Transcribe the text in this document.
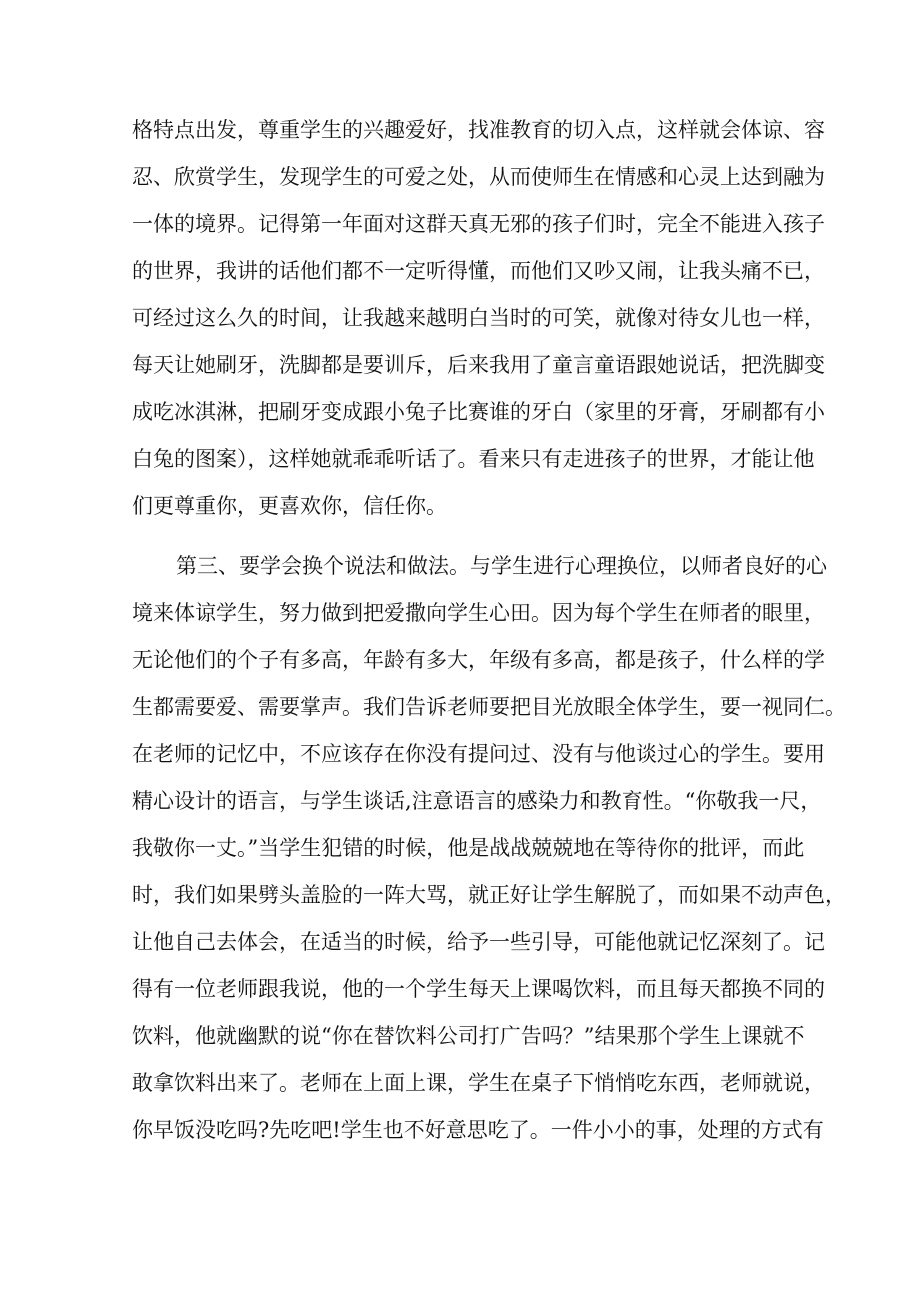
格特点出发，尊重学生的兴趣爱好，找准教育的切入点，这样就会体谅、容
忍、欣赏学生，发现学生的可爱之处，从而使师生在情感和心灵上达到融为
一体的境界。记得第一年面对这群天真无邪的孩子们时，完全不能进入孩子
的世界，我讲的话他们都不一定听得懂，而他们又吵又闹，让我头痛不已，
可经过这么久的时间，让我越来越明白当时的可笑，就像对待女儿也一样，
每天让她刷牙，洗脚都是要训斥，后来我用了童言童语跟她说话，把洗脚变
成吃冰淇淋，把刷牙变成跟小兔子比赛谁的牙白（家里的牙膏，牙刷都有小
白兔的图案），这样她就乖乖听话了。看来只有走进孩子的世界，才能让他
们更尊重你，更喜欢你，信任你。
第三、要学会换个说法和做法。与学生进行心理换位，以师者良好的心
境来体谅学生，努力做到把爱撒向学生心田。因为每个学生在师者的眼里，
无论他们的个子有多高，年龄有多大，年级有多高，都是孩子，什么样的学
生都需要爱、需要掌声。我们告诉老师要把目光放眼全体学生，要一视同仁。
在老师的记忆中，不应该存在你没有提问过、没有与他谈过心的学生。要用
精心设计的语言，与学生谈话,注意语言的感染力和教育性。“你敬我一尺，
我敬你一丈。”当学生犯错的时候，他是战战兢兢地在等待你的批评，而此
时，我们如果劈头盖脸的一阵大骂，就正好让学生解脱了，而如果不动声色，
让他自己去体会，在适当的时候，给予一些引导，可能他就记忆深刻了。记
得有一位老师跟我说，他的一个学生每天上课喝饮料，而且每天都换不同的
饮料，他就幽默的说“你在替饮料公司打广告吗？”结果那个学生上课就不
敢拿饮料出来了。老师在上面上课，学生在桌子下悄悄吃东西，老师就说，
你早饭没吃吗?先吃吧!学生也不好意思吃了。一件小小的事，处理的方式有
